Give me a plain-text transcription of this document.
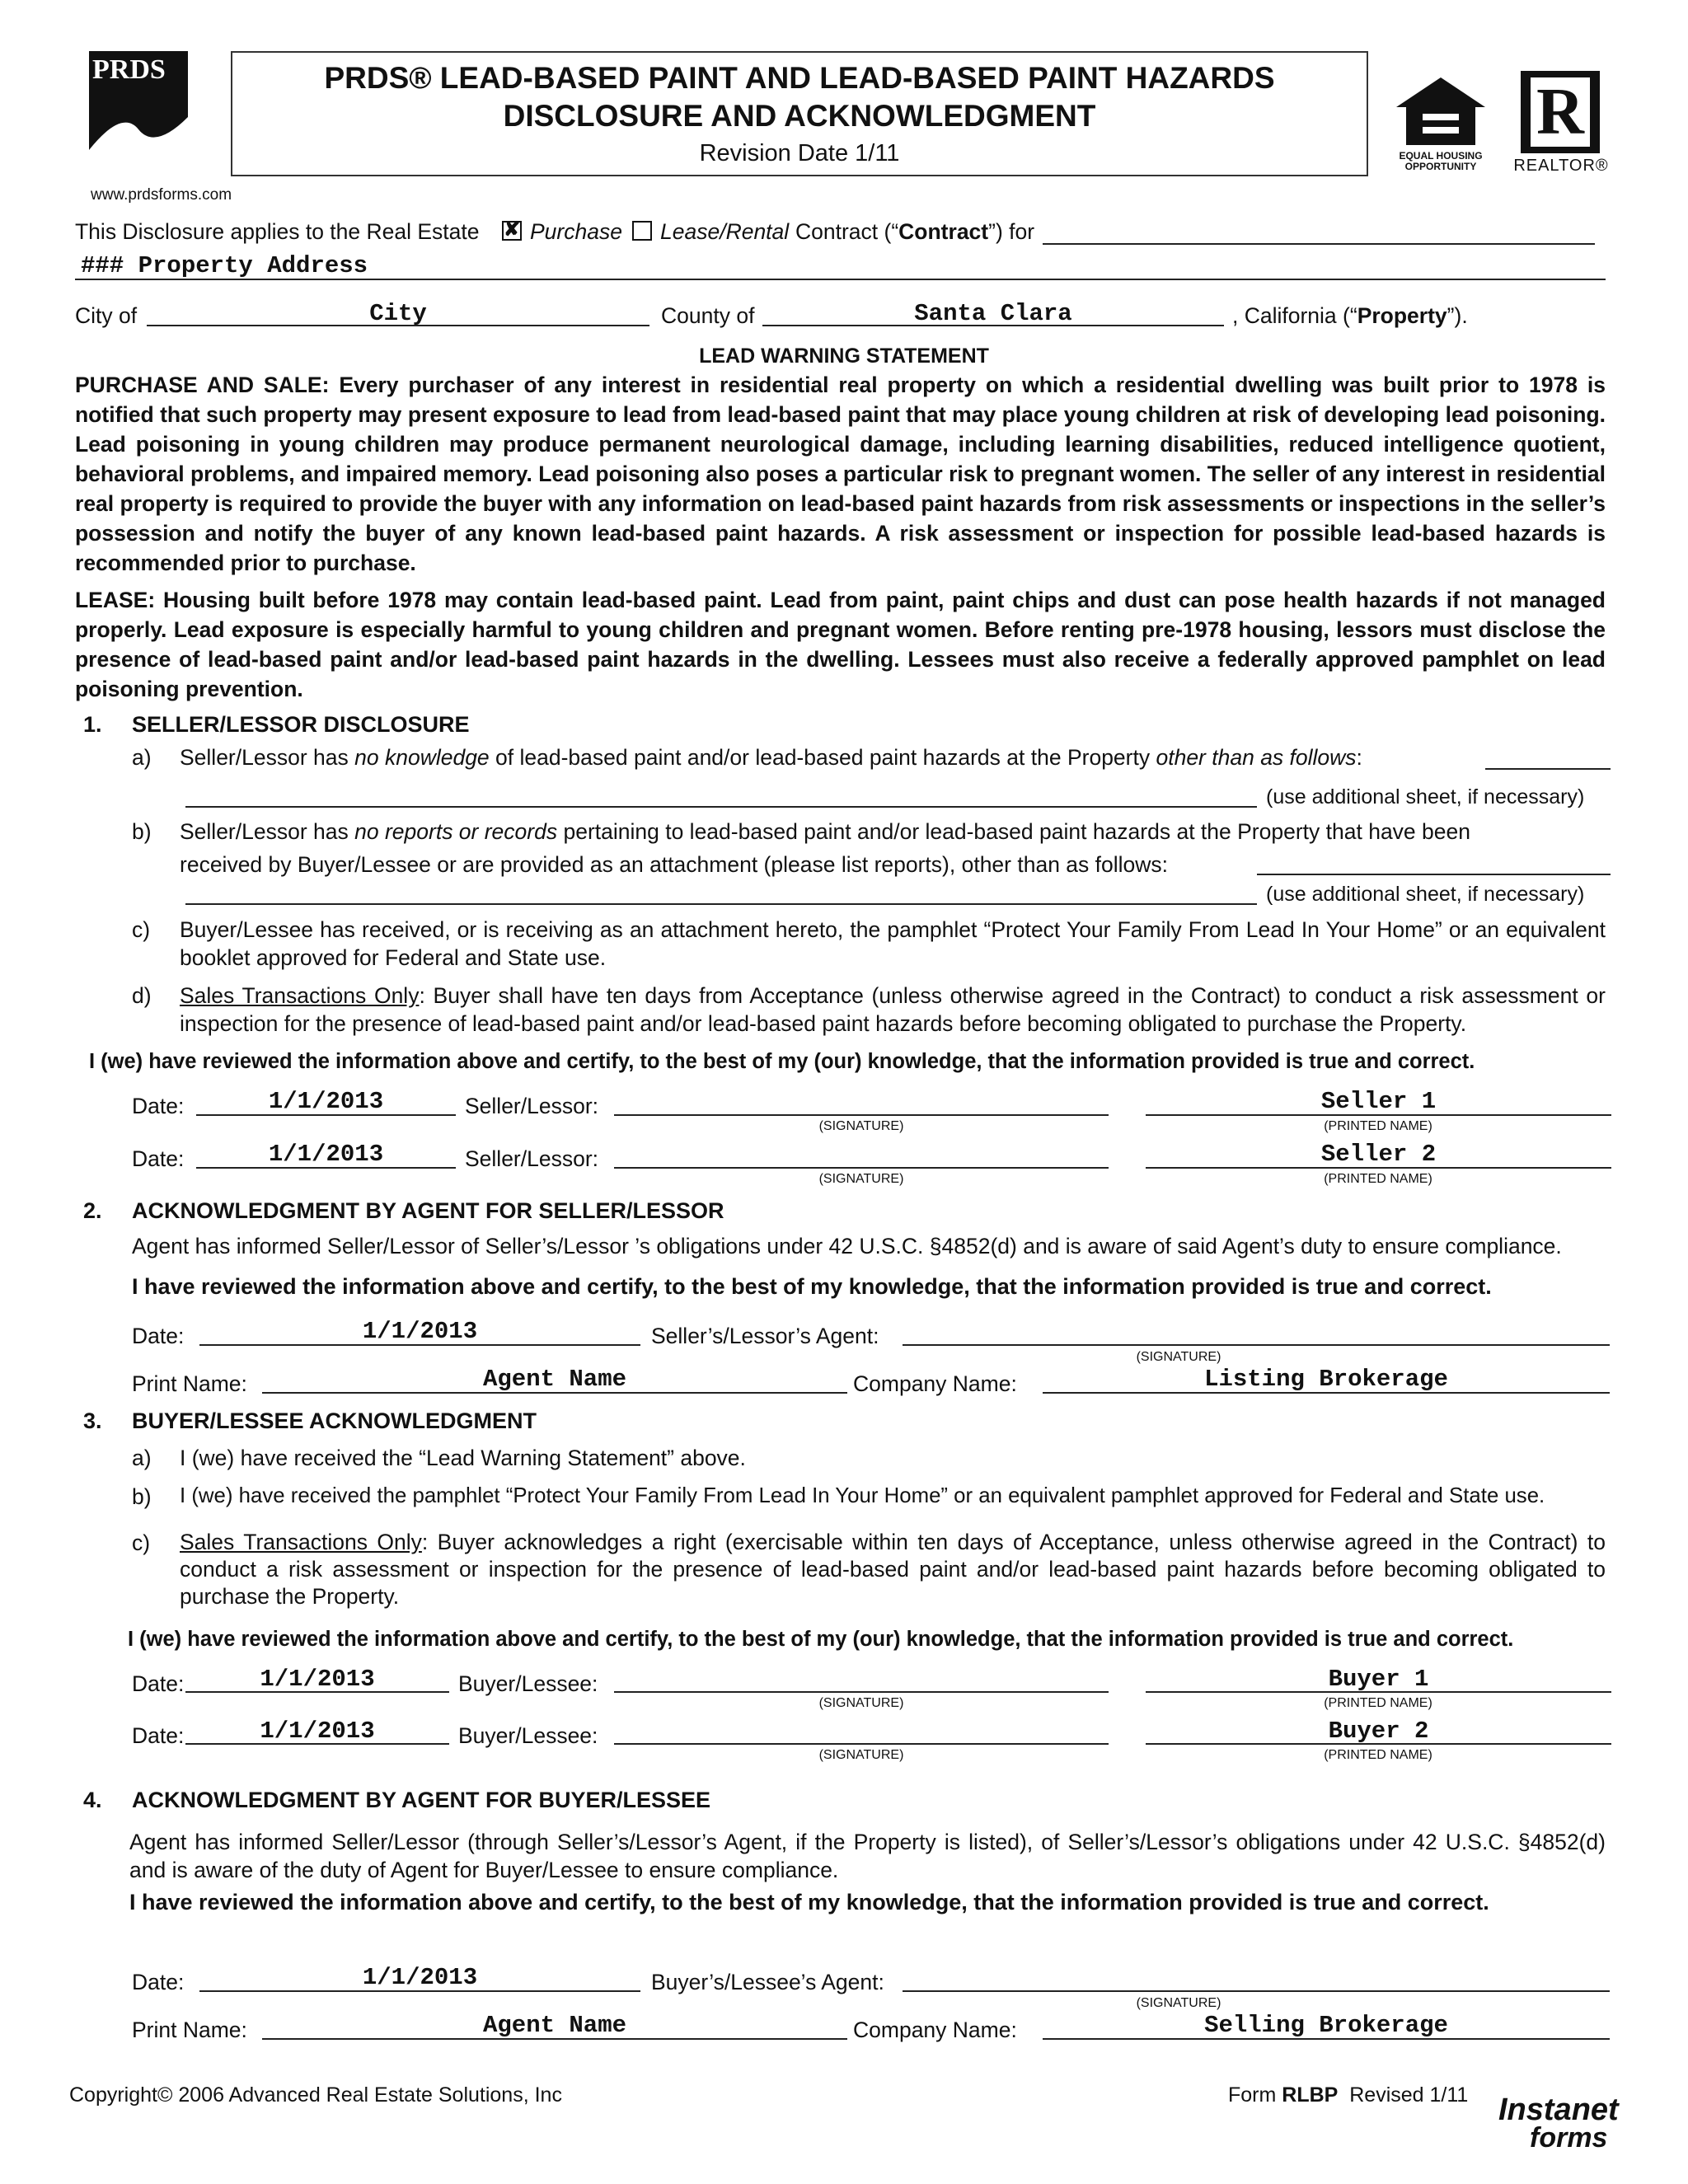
PRDS
www.prdsforms.com
PRDS® LEAD-BASED PAINT AND LEAD-BASED PAINT HAZARDS
DISCLOSURE AND ACKNOWLEDGMENT
Revision Date 1/11	EQUAL HOUSING
OPPORTUNITY
R
REALTOR®
This Disclosure applies to the Real Estate ✘ Purchase Lease/Rental Contract (“Contract”) for
### Property Address
City of	City	County of	Santa Clara	, California (“Property”).
LEAD WARNING STATEMENT
PURCHASE AND SALE: Every purchaser of any interest in residential real property on which a residential dwelling was built prior to 1978 is notified that such property may present exposure to lead from lead-based paint that may place young children at risk of developing lead poisoning. Lead poisoning in young children may produce permanent neurological damage, including learning disabilities, reduced intelligence quotient, behavioral problems, and impaired memory. Lead poisoning also poses a particular risk to pregnant women. The seller of any interest in residential real property is required to provide the buyer with any information on lead-based paint hazards from risk assessments or inspections in the seller’s possession and notify the buyer of any known lead-based paint hazards. A risk assessment or inspection for possible lead-based hazards is recommended prior to purchase.
LEASE: Housing built before 1978 may contain lead-based paint. Lead from paint, paint chips and dust can pose health hazards if not managed properly. Lead exposure is especially harmful to young children and pregnant women. Before renting pre-1978 housing, lessors must disclose the presence of lead-based paint and/or lead-based paint hazards in the dwelling. Lessees must also receive a federally approved pamphlet on lead poisoning prevention.
1. SELLER/LESSOR DISCLOSURE
a) Seller/Lessor has no knowledge of lead-based paint and/or lead-based paint hazards at the Property other than as follows:
(use additional sheet, if necessary)
b) Seller/Lessor has no reports or records pertaining to lead-based paint and/or lead-based paint hazards at the Property that have been
received by Buyer/Lessee or are provided as an attachment (please list reports), other than as follows:
(use additional sheet, if necessary)
c) Buyer/Lessee has received, or is receiving as an attachment hereto, the pamphlet “Protect Your Family From Lead In Your Home” or an equivalent booklet approved for Federal and State use.
d) Sales Transactions Only: Buyer shall have ten days from Acceptance (unless otherwise agreed in the Contract) to conduct a risk assessment or inspection for the presence of lead-based paint and/or lead-based paint hazards before becoming obligated to purchase the Property.
I (we) have reviewed the information above and certify, to the best of my (our) knowledge, that the information provided is true and correct.
Date:	1/1/2013	Seller/Lessor:
(SIGNATURE)
Seller 1
(PRINTED NAME)
Date:	1/1/2013	Seller/Lessor:
(SIGNATURE)
Seller 2
(PRINTED NAME)
2. ACKNOWLEDGMENT BY AGENT FOR SELLER/LESSOR
Agent has informed Seller/Lessor of Seller’s/Lessor ’s obligations under 42 U.S.C. §4852(d) and is aware of said Agent’s duty to ensure compliance.
I have reviewed the information above and certify, to the best of my knowledge, that the information provided is true and correct.
Date:	1/1/2013	Seller’s/Lessor’s Agent:
(SIGNATURE)
Print Name:	Agent Name	Company Name:	Listing Brokerage
3. BUYER/LESSEE ACKNOWLEDGMENT
a) I (we) have received the “Lead Warning Statement” above.
b) I (we) have received the pamphlet “Protect Your Family From Lead In Your Home” or an equivalent pamphlet approved for Federal and State use.
c) Sales Transactions Only: Buyer acknowledges a right (exercisable within ten days of Acceptance, unless otherwise agreed in the Contract) to conduct a risk assessment or inspection for the presence of lead-based paint and/or lead-based paint hazards before becoming obligated to purchase the Property.
I (we) have reviewed the information above and certify, to the best of my (our) knowledge, that the information provided is true and correct.
Date:	1/1/2013	Buyer/Lessee:
(SIGNATURE)
Buyer 1
(PRINTED NAME)
Date:	1/1/2013	Buyer/Lessee:
(SIGNATURE)
Buyer 2
(PRINTED NAME)
4. ACKNOWLEDGMENT BY AGENT FOR BUYER/LESSEE
Agent has informed Seller/Lessor (through Seller’s/Lessor’s Agent, if the Property is listed), of Seller’s/Lessor’s obligations under 42 U.S.C. §4852(d) and is aware of the duty of Agent for Buyer/Lessee to ensure compliance.
I have reviewed the information above and certify, to the best of my knowledge, that the information provided is true and correct.
Date:	1/1/2013	Buyer’s/Lessee’s Agent:
(SIGNATURE)
Print Name:	Agent Name	Company Name:	Selling Brokerage
Copyright© 2006 Advanced Real Estate Solutions, Inc	Form RLBP Revised 1/11 Instanet
forms
